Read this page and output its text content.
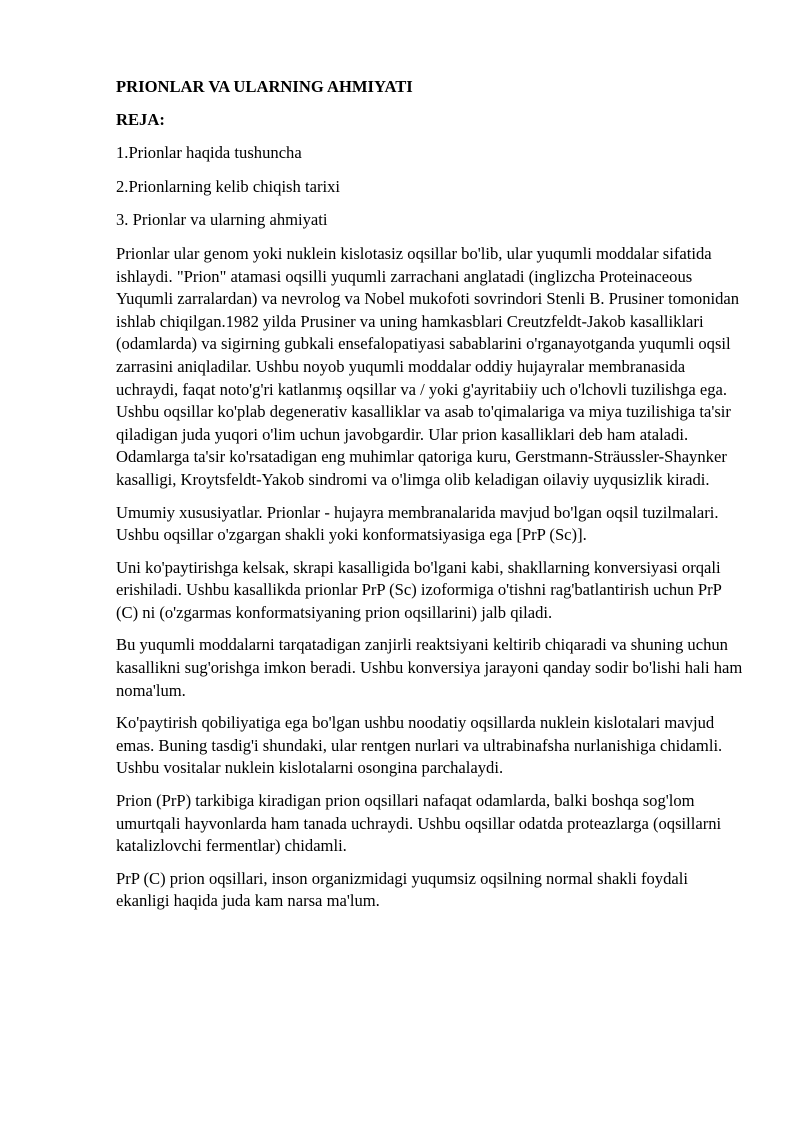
PRIONLAR VA ULARNING AHMIYATI
REJA:
1.Prionlar haqida tushuncha
2.Prionlarning kelib chiqish tarixi
3. Prionlar va ularning ahmiyati

Prionlar ular genom yoki nuklein kislotasiz oqsillar bo'lib, ular yuqumli moddalar sifatida ishlaydi. "Prion" atamasi oqsilli yuqumli zarrachani anglatadi (inglizcha Proteinaceous Yuqumli zarralardan) va nevrolog va Nobel mukofoti sovrindori Stenli B. Prusiner tomonidan ishlab chiqilgan.1982 yilda Prusiner va uning hamkasblari Creutzfeldt-Jakob kasalliklari (odamlarda) va sigirning gubkali ensefalopatiyasi sabablarini o'rganayotganda yuqumli oqsil zarrasini aniqladilar. Ushbu noyob yuqumli moddalar oddiy hujayralar membranasida uchraydi, faqat noto'g'ri katlanmış oqsillar va / yoki g'ayritabiiy uch o'lchovli tuzilishga ega. Ushbu oqsillar ko'plab degenerativ kasalliklar va asab to'qimalariga va miya tuzilishiga ta'sir qiladigan juda yuqori o'lim uchun javobgardir. Ular prion kasalliklari deb ham ataladi. Odamlarga ta'sir ko'rsatadigan eng muhimlar qatoriga kuru, Gerstmann-Sträussler-Shaynker kasalligi, Kroytsfeldt-Yakob sindromi va o'limga olib keladigan oilaviy uyqusizlik kiradi.

Umumiy xususiyatlar. Prionlar - hujayra membranalarida mavjud bo'lgan oqsil tuzilmalari. Ushbu oqsillar o'zgargan shakli yoki konformatsiyasiga ega [PrP (Sc)].

Uni ko'paytirishga kelsak, skrapi kasalligida bo'lgani kabi, shakllarning konversiyasi orqali erishiladi. Ushbu kasallikda prionlar PrP (Sc) izoformiga o'tishni rag'batlantirish uchun PrP (C) ni (o'zgarmas konformatsiyaning prion oqsillarini) jalb qiladi.

Bu yuqumli moddalarni tarqatadigan zanjirli reaktsiyani keltirib chiqaradi va shuning uchun kasallikni sug'orishga imkon beradi. Ushbu konversiya jarayoni qanday sodir bo'lishi hali ham noma'lum.

Ko'paytirish qobiliyatiga ega bo'lgan ushbu noodatiy oqsillarda nuklein kislotalari mavjud emas. Buning tasdig'i shundaki, ular rentgen nurlari va ultrabinafsha nurlanishiga chidamli. Ushbu vositalar nuklein kislotalarni osongina parchalaydi.

Prion (PrP) tarkibiga kiradigan prion oqsillari nafaqat odamlarda, balki boshqa sog'lom umurtqali hayvonlarda ham tanada uchraydi. Ushbu oqsillar odatda proteazlarga (oqsillarni katalizlovchi fermentlar) chidamli.

PrP (C) prion oqsillari, inson organizmidagi yuqumsiz oqsilning normal shakli foydali ekanligi haqida juda kam narsa ma'lum.
